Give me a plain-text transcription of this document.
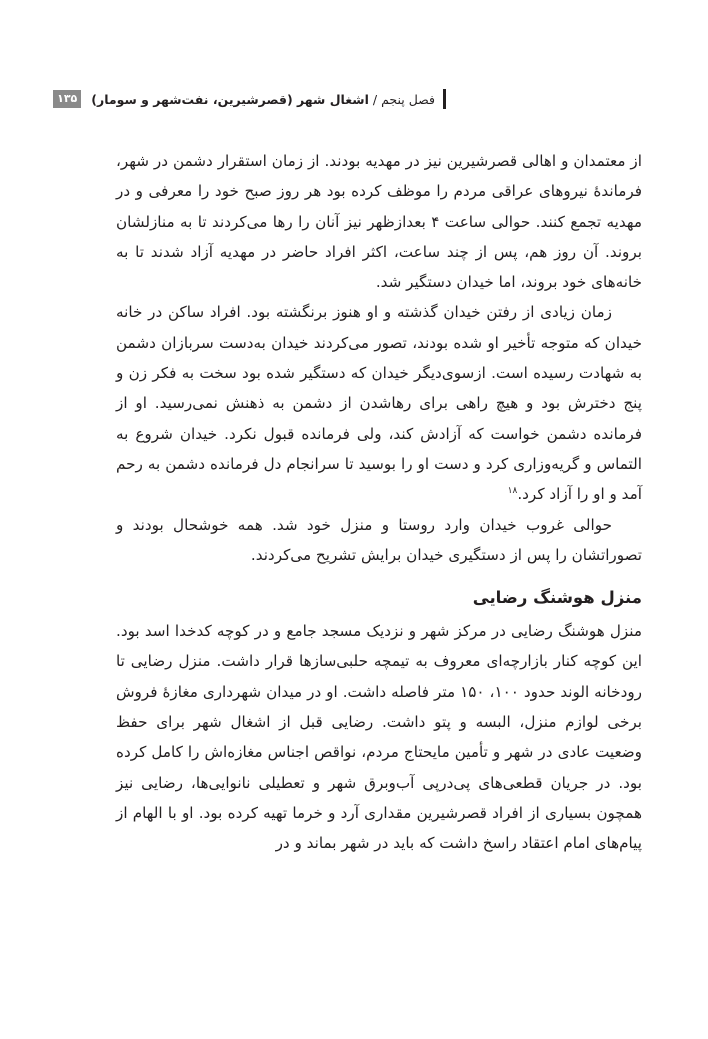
فصل پنجم
/
اشغال شهر (قصرشیرین، نفت‌شهر و سومار)
۱۳۵

از معتمدان و اهالی قصرشیرین نیز در مهدیه بودند. از زمان استقرار دشمن در شهر، فرماندهٔ نیروهای عراقی مردم را موظف کرده بود هر روز صبح خود را معرفی و در مهدیه تجمع کنند. حوالی ساعت ۴ بعدازظهر نیز آنان را رها می‌کردند تا به منازلشان بروند. آن روز هم، پس از چند ساعت، اکثر افراد حاضر در مهدیه آزاد شدند تا به خانه‌های خود بروند، اما خیدان دستگیر شد.

زمان زیادی از رفتن خیدان گذشته و او هنوز برنگشته بود. افراد ساکن در خانه خیدان که متوجه تأخیر او شده بودند، تصور می‌کردند خیدان به‌دست سربازان دشمن به شهادت رسیده است. ازسوی‌دیگر خیدان که دستگیر شده بود سخت به فکر زن و پنج دخترش بود و هیچ راهی برای رهاشدن از دشمن به ذهنش نمی‌رسید. او از فرمانده دشمن خواست که آزادش کند، ولی فرمانده قبول نکرد. خیدان شروع به التماس و گریه‌وزاری کرد و دست او را بوسید تا سرانجام دل فرمانده دشمن به رحم آمد و او را آزاد کرد.$^{۱۸}$

حوالی غروب خیدان وارد روستا و منزل خود شد. همه خوشحال بودند و تصوراتشان را پس از دستگیری خیدان برایش تشریح می‌کردند.

منزل هوشنگ رضایی

منزل هوشنگ رضایی در مرکز شهر و نزدیک مسجد جامع و در کوچه کدخدا اسد بود. این کوچه کنار بازارچه‌ای معروف به تیمچه حلبی‌سازها قرار داشت. منزل رضایی تا رودخانه الوند حدود ۱۰۰، ۱۵۰ متر فاصله داشت. او در میدان شهرداری مغازهٔ فروش برخی لوازم منزل، البسه و پتو داشت. رضایی قبل از اشغال شهر برای حفظ وضعیت عادی در شهر و تأمین مایحتاج مردم، نواقص اجناس مغازه‌اش را کامل کرده بود. در جریان قطعی‌های پی‌درپی آب‌وبرق شهر و تعطیلی نانوایی‌ها، رضایی نیز همچون بسیاری از افراد قصرشیرین مقداری آرد و خرما تهیه کرده بود. او با الهام از پیام‌های امام اعتقاد راسخ داشت که باید در شهر بماند و در
